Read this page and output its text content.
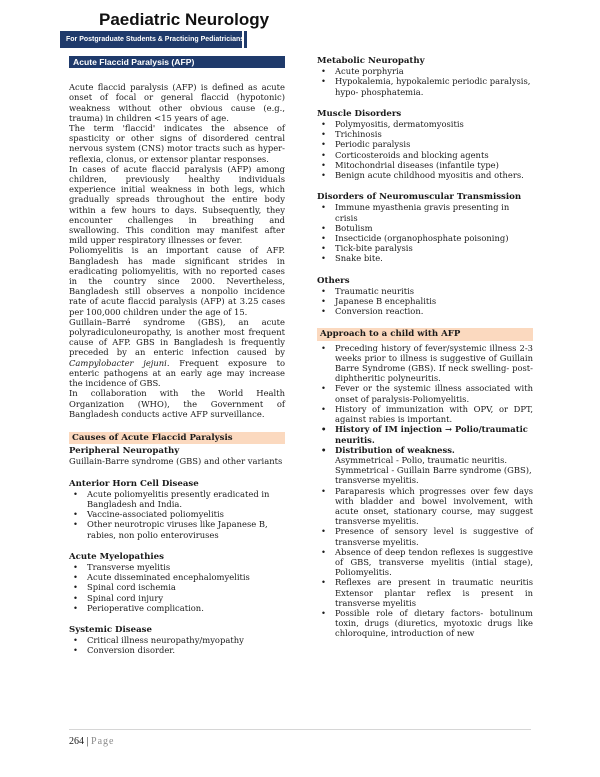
Paediatric Neurology
For Postgraduate Students & Practicing Pediatricians
Acute Flaccid Paralysis (AFP)

Acute flaccid paralysis (AFP) is defined as acute onset of focal or general flaccid (hypotonic) weakness without other obvious cause (e.g., trauma) in children <15 years of age.

The term 'flaccid' indicates the absence of spasticity or other signs of disordered central nervous system (CNS) motor tracts such as hyper-reflexia, clonus, or extensor plantar responses.

In cases of acute flaccid paralysis (AFP) among children, previously healthy individuals experience initial weakness in both legs, which gradually spreads throughout the entire body within a few hours to days. Subsequently, they encounter challenges in breathing and swallowing. This condition may manifest after mild upper respiratory illnesses or fever.

Poliomyelitis is an important cause of AFP. Bangladesh has made significant strides in eradicating poliomyelitis, with no reported cases in the country since 2000. Nevertheless, Bangladesh still observes a nonpolio incidence rate of acute flaccid paralysis (AFP) at 3.25 cases per 100,000 children under the age of 15.

Guillain–Barré syndrome (GBS), an acute polyradiculoneuropathy, is another most frequent cause of AFP. GBS in Bangladesh is frequently preceded by an enteric infection caused by Campylobacter jejuni. Frequent exposure to enteric pathogens at an early age may increase the incidence of GBS.

In collaboration with the World Health Organization (WHO), the Government of Bangladesh conducts active AFP surveillance.

Causes of Acute Flaccid Paralysis
Peripheral Neuropathy

Guillain-Barre syndrome (GBS) and other variants

Anterior Horn Cell Disease
• Acute poliomyelitis presently eradicated in Bangladesh and India.
• Vaccine-associated poliomyelitis
• Other neurotropic viruses like Japanese B, rabies, non polio enteroviruses
Acute Myelopathies
• Transverse myelitis
• Acute disseminated encephalomyelitis
• Spinal cord ischemia
• Spinal cord injury
• Perioperative complication.
Systemic Disease
• Critical illness neuropathy/myopathy
• Conversion disorder.
Metabolic Neuropathy
• Acute porphyria
• Hypokalemia, hypokalemic periodic paralysis, hypo- phosphatemia.
Muscle Disorders
• Polymyositis, dermatomyositis
• Trichinosis
• Periodic paralysis
• Corticosteroids and blocking agents
• Mitochondrial diseases (infantile type)
• Benign acute childhood myositis and others.
Disorders of Neuromuscular Transmission
• Immune myasthenia gravis presenting in crisis
• Botulism
• Insecticide (organophosphate poisoning)
• Tick-bite paralysis
• Snake bite.
Others
• Traumatic neuritis
• Japanese B encephalitis
• Conversion reaction.
Approach to a child with AFP
• Preceding history of fever/systemic illness 2-3 weeks prior to illness is suggestive of Guillain Barre Syndrome (GBS). If neck swelling- post-diphtheritic polyneuritis.
• Fever or the systemic illness associated with onset of paralysis-Poliomyelitis.
• History of immunization with OPV, or DPT, against rabies is important.
• History of IM injection → Polio/traumatic neuritis.
• Distribution of weakness.
Asymmetrical - Polio, traumatic neuritis.
Symmetrical - Guillain Barre syndrome (GBS), transverse myelitis.
• Paraparesis which progresses over few days with bladder and bowel involvement, with acute onset, stationary course, may suggest transverse myelitis.
• Presence of sensory level is suggestive of transverse myelitis.
• Absence of deep tendon reflexes is suggestive of GBS, transverse myelitis (intial stage), Poliomyelitis.
• Reflexes are present in traumatic neuritis Extensor plantar reflex is present in transverse myelitis
• Possible role of dietary factors- botulinum toxin, drugs (diuretics, myotoxic drugs like chloroquine, introduction of new
264 | Page
